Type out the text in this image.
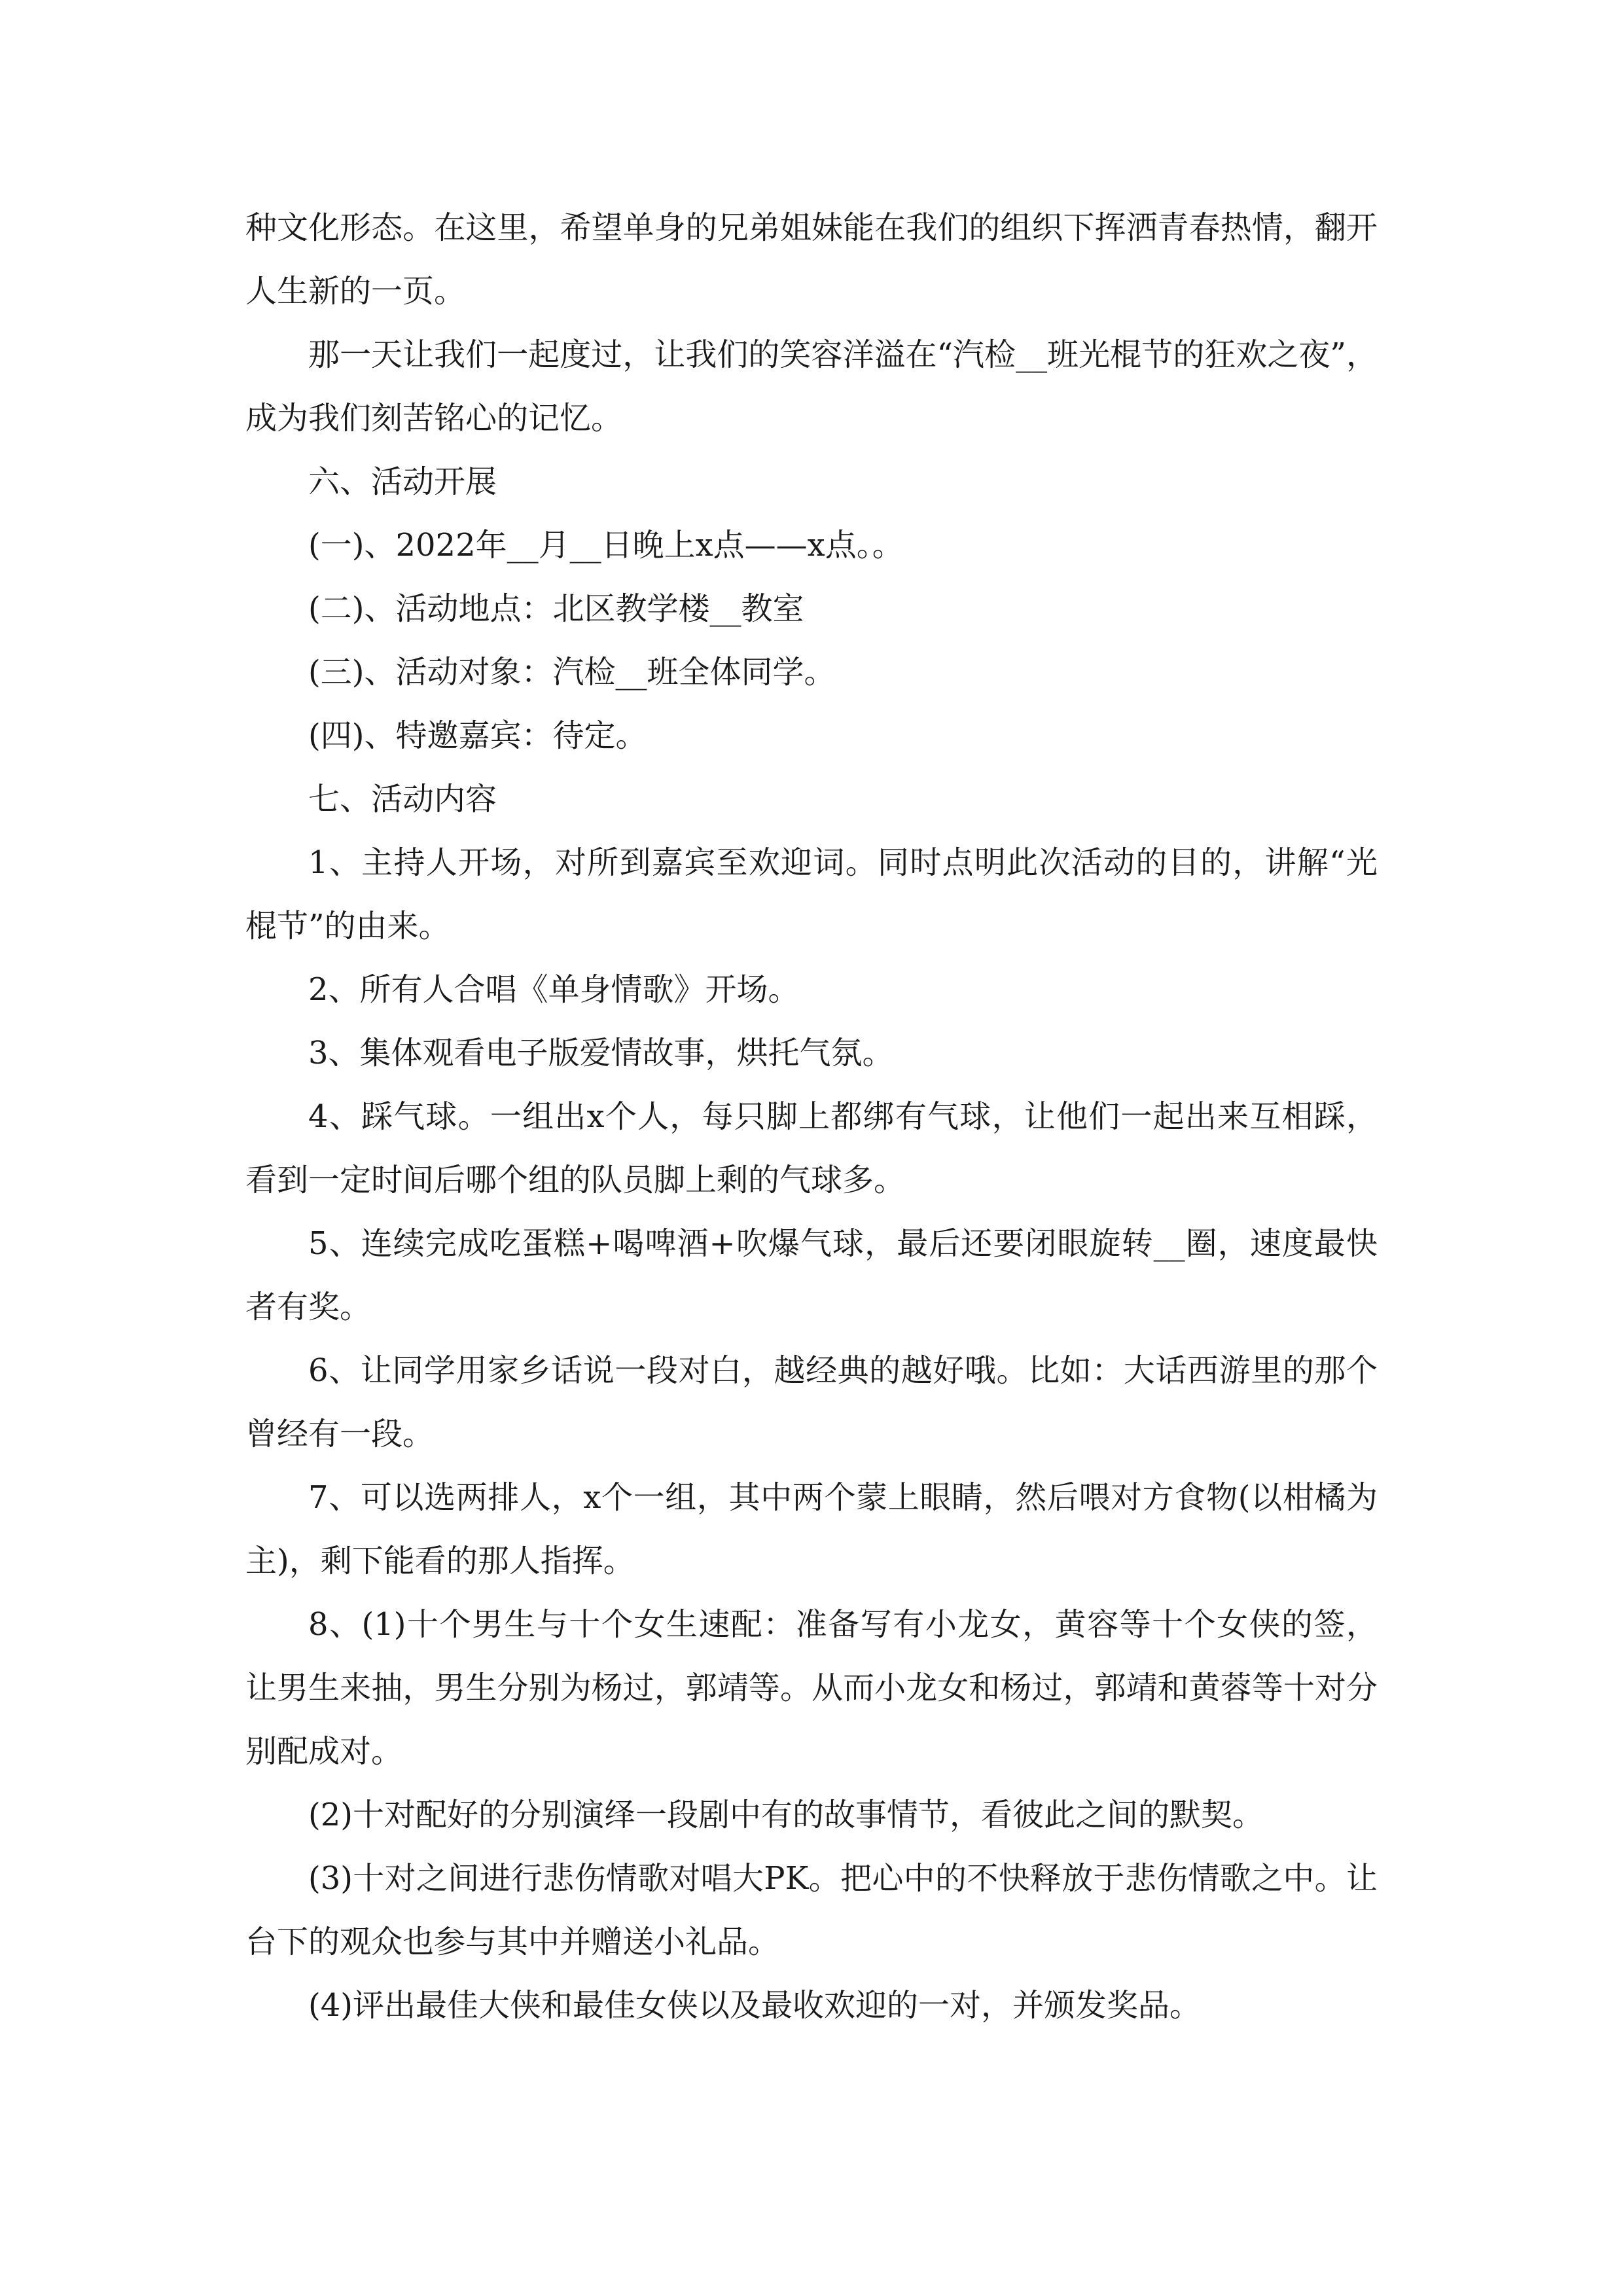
种文化形态。在这里，希望单身的兄弟姐妹能在我们的组织下挥洒青春热情，翻开人生新的一页。

那一天让我们一起度过，让我们的笑容洋溢在“汽检__班光棍节的狂欢之夜”，成为我们刻苦铭心的记忆。

六、活动开展

(一)、2022年__月__日晚上x点——x点。。

(二)、活动地点：北区教学楼__教室

(三)、活动对象：汽检__班全体同学。

(四)、特邀嘉宾：待定。

七、活动内容

1、主持人开场，对所到嘉宾至欢迎词。同时点明此次活动的目的，讲解“光棍节”的由来。

2、所有人合唱《单身情歌》开场。

3、集体观看电子版爱情故事，烘托气氛。

4、踩气球。一组出x个人，每只脚上都绑有气球，让他们一起出来互相踩，看到一定时间后哪个组的队员脚上剩的气球多。

5、连续完成吃蛋糕+喝啤酒+吹爆气球，最后还要闭眼旋转__圈，速度最快者有奖。

6、让同学用家乡话说一段对白，越经典的越好哦。比如：大话西游里的那个曾经有一段。

7、可以选两排人，x个一组，其中两个蒙上眼睛，然后喂对方食物(以柑橘为主)，剩下能看的那人指挥。

8、(1)十个男生与十个女生速配：准备写有小龙女，黄容等十个女侠的签，让男生来抽，男生分别为杨过，郭靖等。从而小龙女和杨过，郭靖和黄蓉等十对分别配成对。

(2)十对配好的分别演绎一段剧中有的故事情节，看彼此之间的默契。

(3)十对之间进行悲伤情歌对唱大PK。把心中的不快释放于悲伤情歌之中。让台下的观众也参与其中并赠送小礼品。

(4)评出最佳大侠和最佳女侠以及最收欢迎的一对，并颁发奖品。
